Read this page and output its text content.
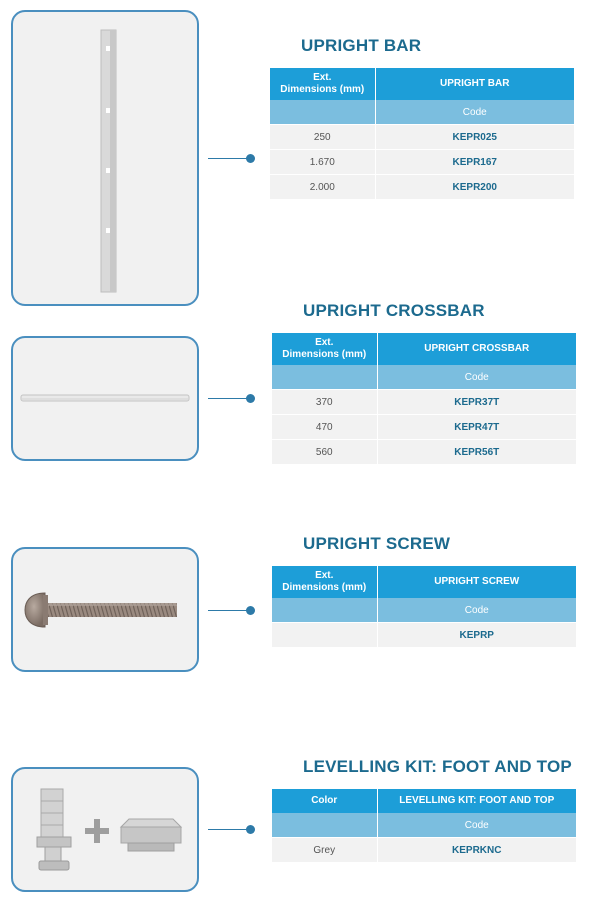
UPRIGHT BAR
Ext.
Dimensions (mm)	UPRIGHT BAR
	Code
250	KEPR025
1.670	KEPR167
2.000	KEPR200
UPRIGHT CROSSBAR
Ext.
Dimensions (mm)	UPRIGHT CROSSBAR
	Code
370	KEPR37T
470	KEPR47T
560	KEPR56T
UPRIGHT SCREW
Ext.
Dimensions (mm)	UPRIGHT SCREW
	Code
	KEPRP
LEVELLING KIT: FOOT AND TOP
Color	LEVELLING KIT: FOOT AND TOP
	Code
Grey	KEPRKNC
